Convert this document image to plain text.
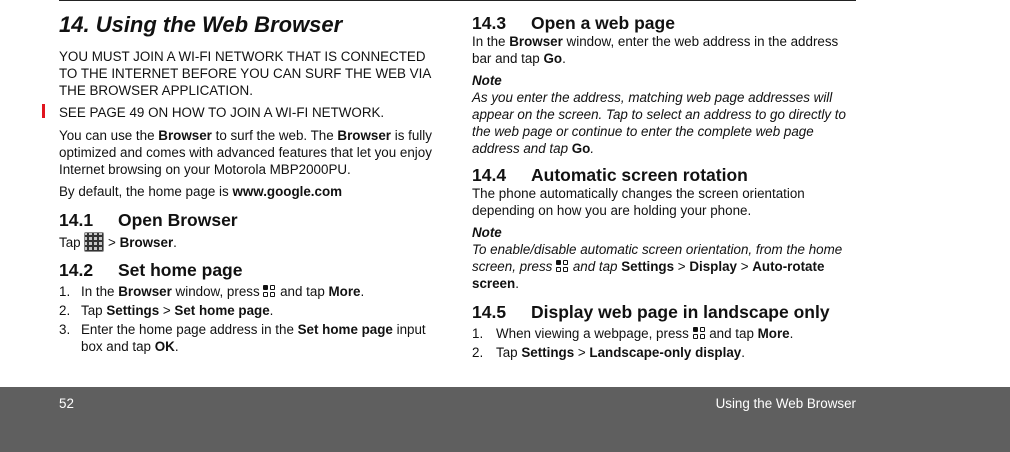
14. Using the Web Browser

YOU MUST JOIN A WI-FI NETWORK THAT IS CONNECTED TO THE INTERNET BEFORE YOU CAN SURF THE WEB VIA THE BROWSER APPLICATION.

SEE PAGE 49 ON HOW TO JOIN A WI-FI NETWORK.

You can use the Browser to surf the web. The Browser is fully optimized and comes with advanced features that let you enjoy Internet browsing on your Motorola MBP2000PU.

By default, the home page is www.google.com

14.1 Open Browser

Tap  > Browser.

14.2 Set home page
1. In the Browser window, press
and tap More.
2. Tap Settings > Set home page.
3. Enter the home page address in the Set home page input box and tap OK.
14.3 Open a web page

In the Browser window, enter the web address in the address bar and tap Go.

Note

As you enter the address, matching web page addresses will appear on the screen. Tap to select an address to go directly to the web page or continue to enter the complete web page address and tap Go.

14.4 Automatic screen rotation

The phone automatically changes the screen orientation depending on how you are holding your phone.

Note

To enable/disable automatic screen orientation, from the home screen, press
and tap Settings > Display > Auto-rotate screen.

14.5 Display web page in landscape only
1. When viewing a webpage, press
and tap More.
2. Tap Settings > Landscape-only display.
52	Using the Web Browser
